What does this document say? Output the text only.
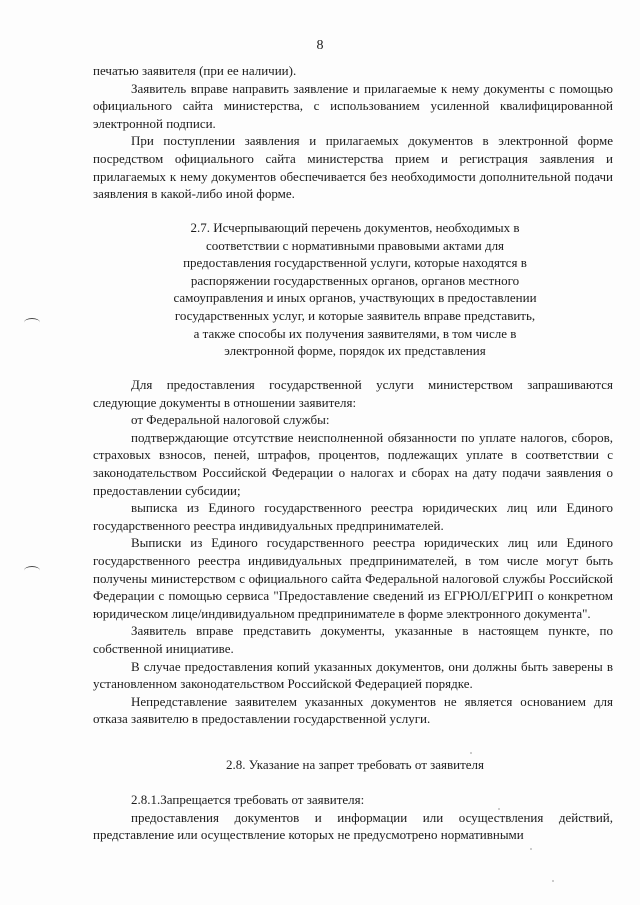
8

печатью заявителя (при ее наличии).

Заявитель вправе направить заявление и прилагаемые к нему документы с помощью официального сайта министерства, с использованием усиленной квалифицированной электронной подписи.

При поступлении заявления и прилагаемых документов в электронной форме посредством официального сайта министерства прием и регистрация заявления и прилагаемых к нему документов обеспечивается без необходимости дополнительной подачи заявления в какой-либо иной форме.

2.7. Исчерпывающий перечень документов, необходимых в

соответствии с нормативными правовыми актами для

предоставления государственной услуги, которые находятся в

распоряжении государственных органов, органов местного

самоуправления и иных органов, участвующих в предоставлении

государственных услуг, и которые заявитель вправе представить,

а также способы их получения заявителями, в том числе в

электронной форме, порядок их представления

Для предоставления государственной услуги министерством запрашиваются следующие документы в отношении заявителя:

от Федеральной налоговой службы:

подтверждающие отсутствие неисполненной обязанности по уплате налогов, сборов, страховых взносов, пеней, штрафов, процентов, подлежащих уплате в соответствии с законодательством Российской Федерации о налогах и сборах на дату подачи заявления о предоставлении субсидии;

выписка из Единого государственного реестра юридических лиц или Единого государственного реестра индивидуальных предпринимателей.

Выписки из Единого государственного реестра юридических лиц или Единого государственного реестра индивидуальных предпринимателей, в том числе могут быть получены министерством с официального сайта Федеральной налоговой службы Российской Федерации с помощью сервиса "Предоставление сведений из ЕГРЮЛ/ЕГРИП о конкретном юридическом лице/индивидуальном предпринимателе в форме электронного документа".

Заявитель вправе представить документы, указанные в настоящем пункте, по собственной инициативе.

В случае предоставления копий указанных документов, они должны быть заверены в установленном законодательством Российской Федерацией порядке.

Непредставление заявителем указанных документов не является основанием для отказа заявителю в предоставлении государственной услуги.

2.8. Указание на запрет требовать от заявителя

2.8.1.Запрещается требовать от заявителя:

предоставления документов и информации или осуществления действий, представление или осуществление которых не предусмотрено нормативными
